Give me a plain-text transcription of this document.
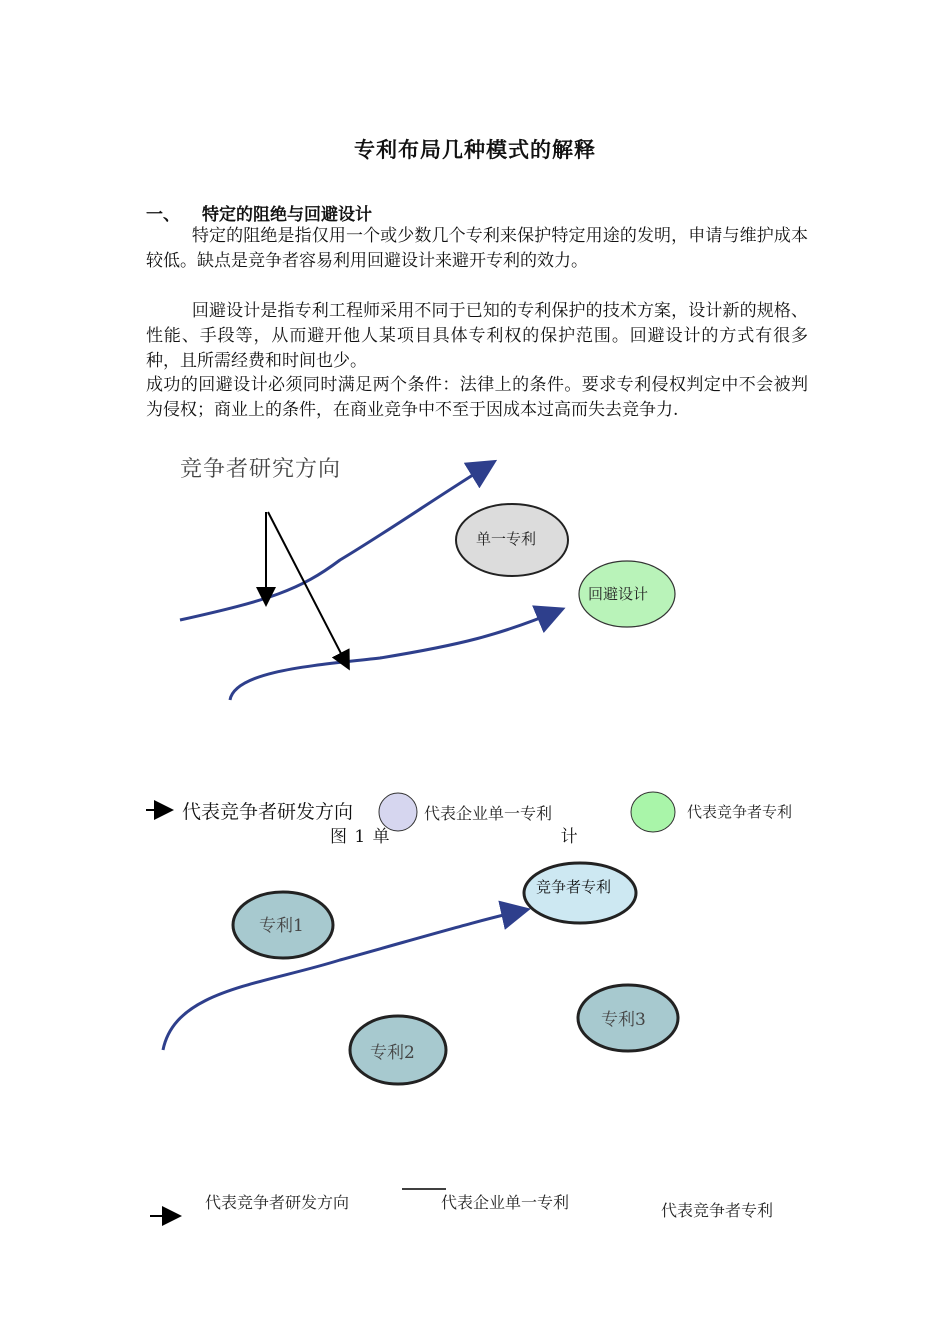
专利布局几种模式的解释
一、 特定的阻绝与回避设计

特定的阻绝是指仅用一个或少数几个专利来保护特定用途的发明，申请与维护成本较低。缺点是竞争者容易利用回避设计来避开专利的效力。

回避设计是指专利工程师采用不同于已知的专利保护的技术方案，设计新的规格、性能、手段等，从而避开他人某项目具体专利权的保护范围。回避设计的方式有很多种，且所需经费和时间也少。

成功的回避设计必须同时满足两个条件：法律上的条件。要求专利侵权判定中不会被判为侵权；商业上的条件，在商业竞争中不至于因成本过高而失去竞争力.

竞争者研究方向
单一专利
回避设计
代表竞争者研发方向	代表企业单一专利	代表竞争者专利
图 1 单	计
竞争者专利
专利1
专利2
专利3
代表竞争者研发方向	代表企业单一专利	代表竞争者专利
